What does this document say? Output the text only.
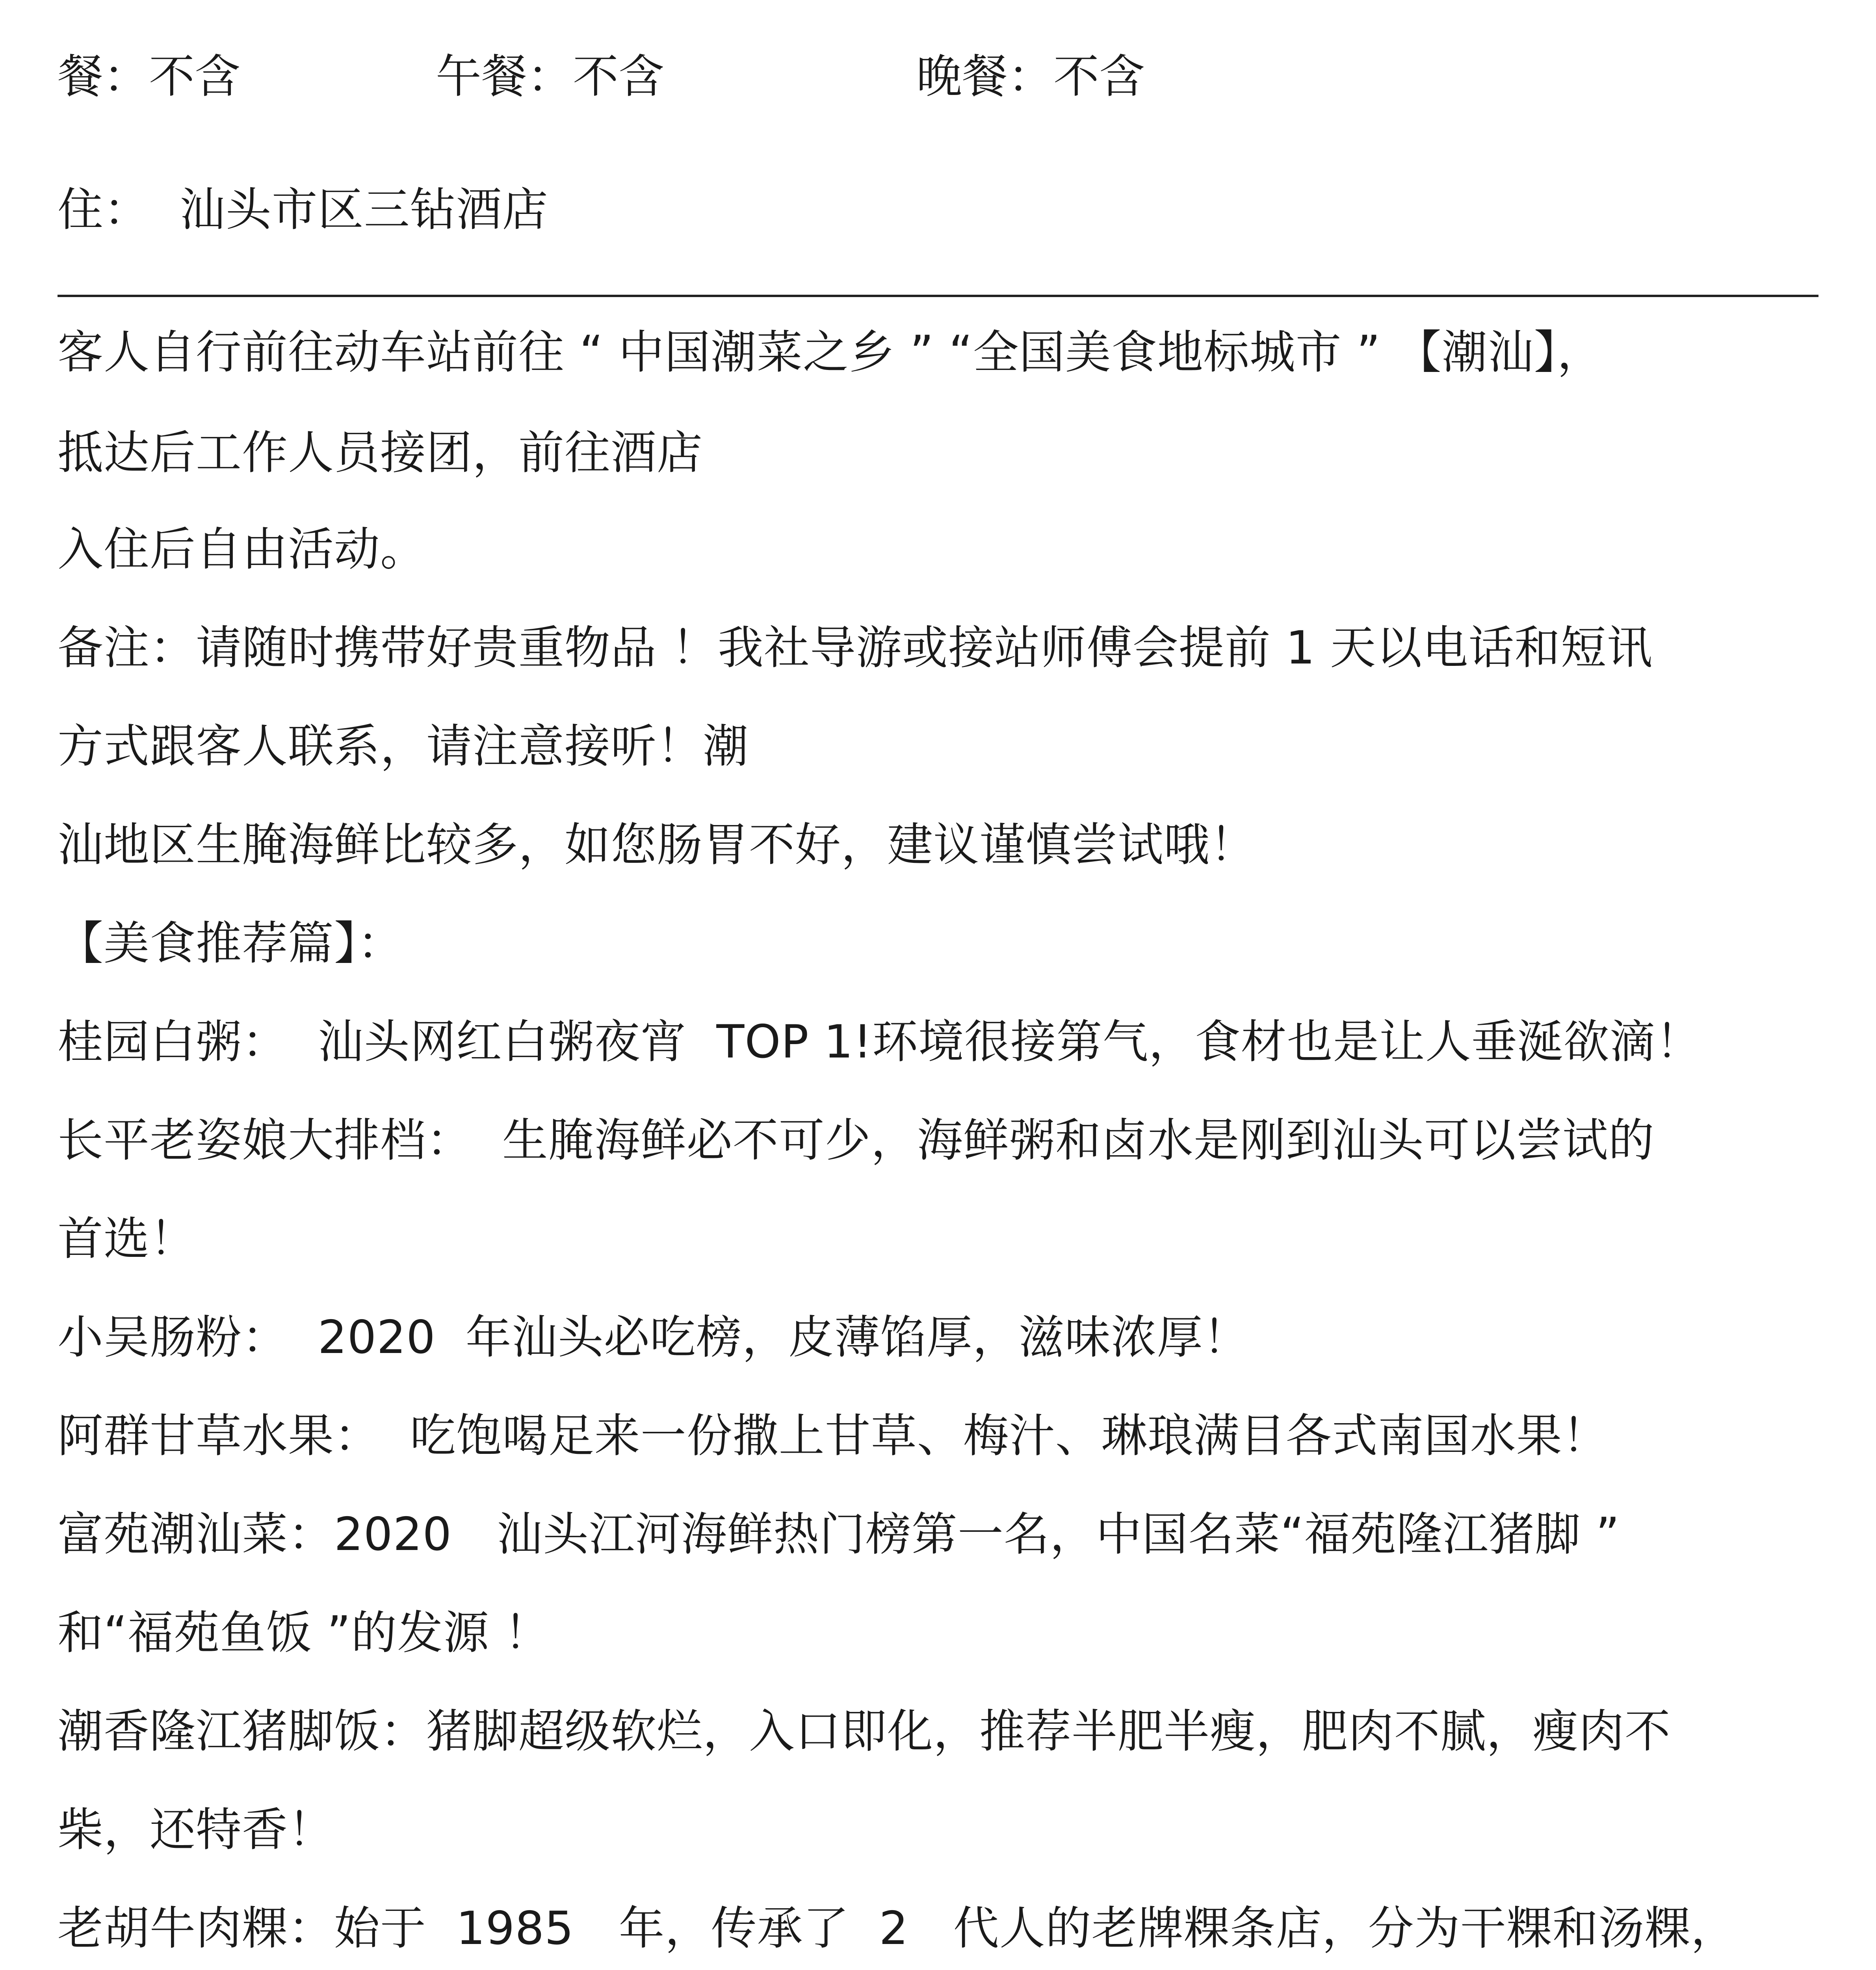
餐：不含	午餐：不含	晚餐：不含
住：  汕头市区三钻酒店
客人自行前往动车站前往 “ 中国潮菜之乡 ” “全国美食地标城市 ” 【潮汕】，
抵达后工作人员接团，前往酒店
入住后自由活动。
备注：请随时携带好贵重物品 ！我社导游或接站师傅会提前 1 天以电话和短讯
方式跟客人联系，请注意接听！潮
汕地区生腌海鲜比较多，如您肠胃不好，建议谨慎尝试哦！
【美食推荐篇】：
桂园白粥：  汕头网红白粥夜宵  TOP 1!环境很接第气，食材也是让人垂涎欲滴！
长平老姿娘大排档：  生腌海鲜必不可少，海鲜粥和卤水是刚到汕头可以尝试的
首选！
小吴肠粉：  2020  年汕头必吃榜，皮薄馅厚，滋味浓厚！
阿群甘草水果：  吃饱喝足来一份撒上甘草、梅汁、琳琅满目各式南国水果！
富苑潮汕菜：2020   汕头江河海鲜热门榜第一名，中国名菜“福苑隆江猪脚 ”
和“福苑鱼饭 ”的发源 ！
潮香隆江猪脚饭：猪脚超级软烂，入口即化，推荐半肥半瘦，肥肉不腻，瘦肉不
柴，还特香！
老胡牛肉粿：始于  1985   年，传承了  2   代人的老牌粿条店，分为干粿和汤粿，
